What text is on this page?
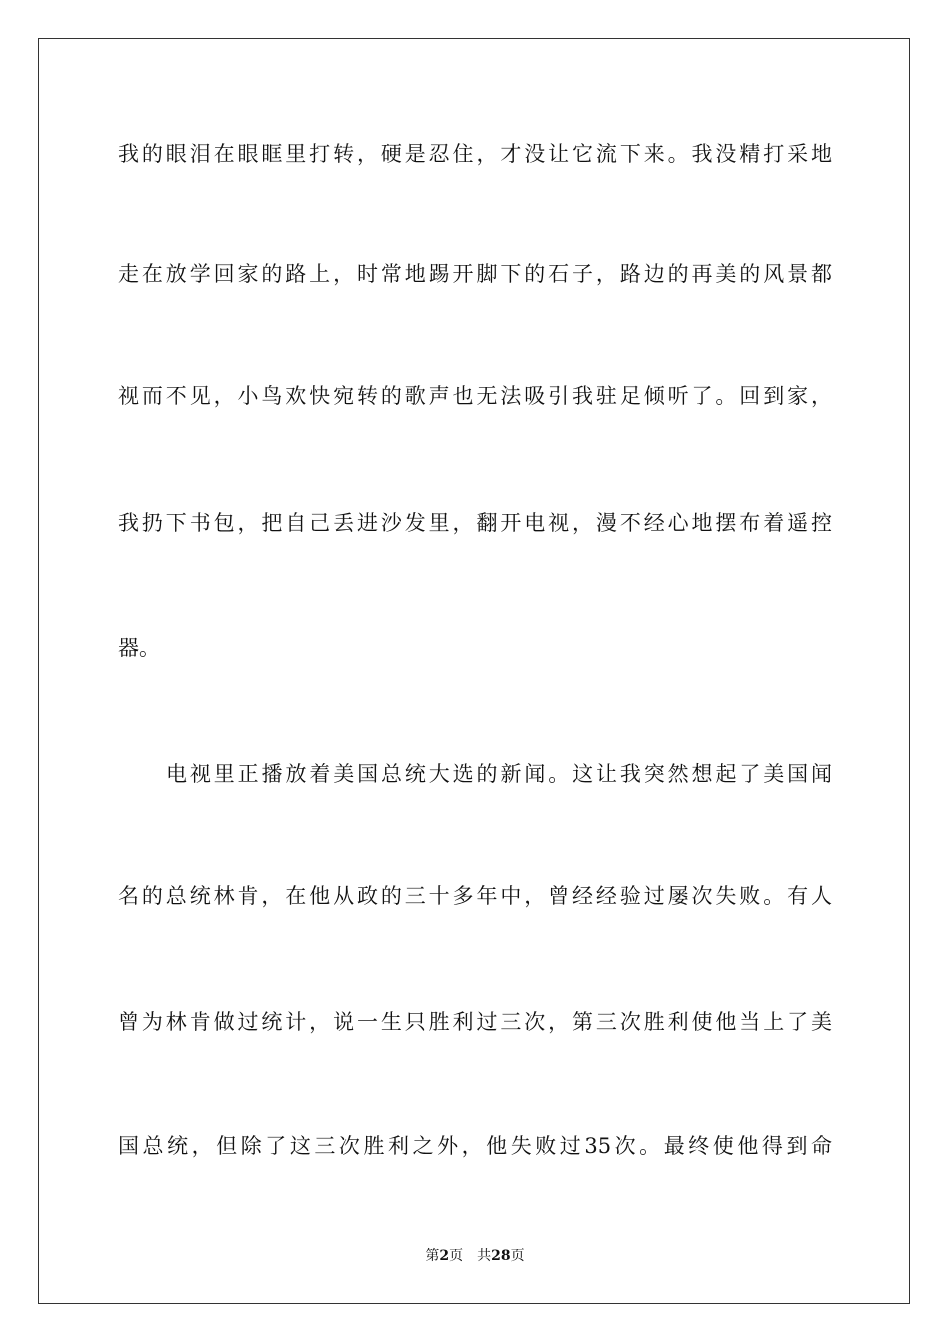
我的眼泪在眼眶里打转，硬是忍住，才没让它流下来。我没精打采地
走在放学回家的路上，时常地踢开脚下的石子，路边的再美的风景都
视而不见，小鸟欢快宛转的歌声也无法吸引我驻足倾听了。回到家，
我扔下书包，把自己丢进沙发里，翻开电视，漫不经心地摆布着遥控
器。
电视里正播放着美国总统大选的新闻。这让我突然想起了美国闻
名的总统林肯，在他从政的三十多年中，曾经经验过屡次失败。有人
曾为林肯做过统计，说一生只胜利过三次，第三次胜利使他当上了美
国总统，但除了这三次胜利之外，他失败过35次。最终使他得到命
第2页 共28页
